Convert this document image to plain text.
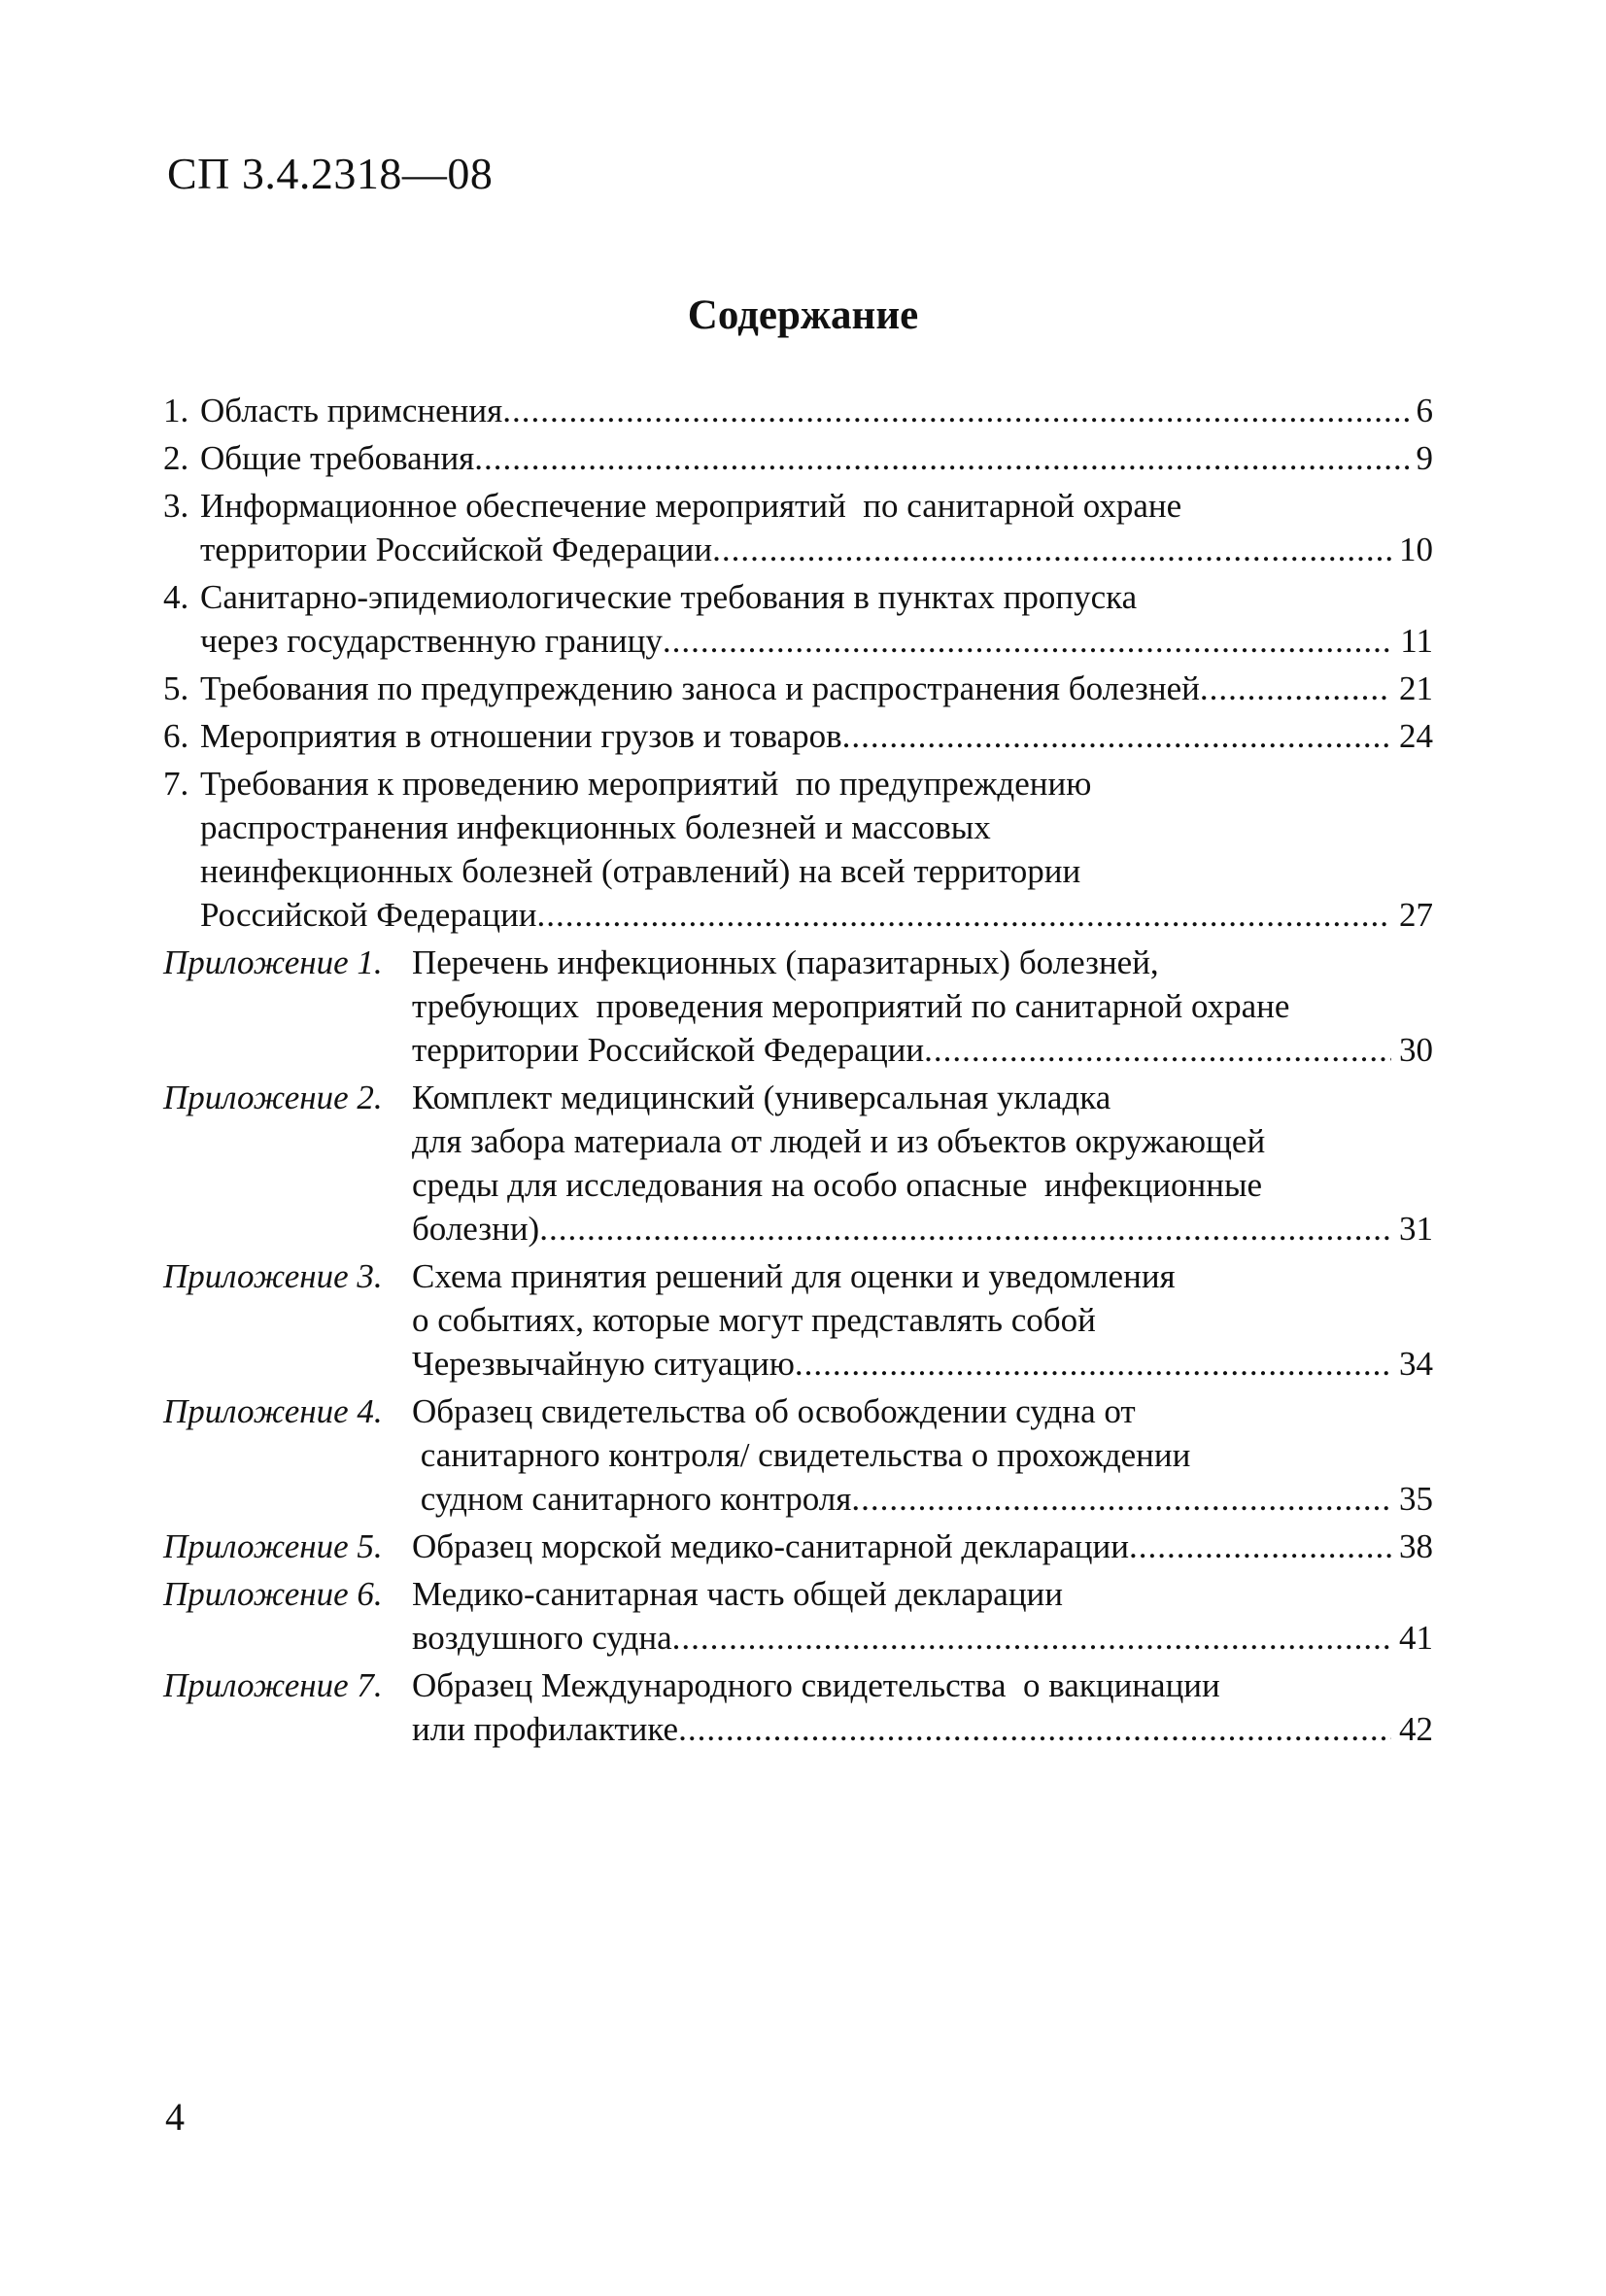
СП 3.4.2318—08
Содержание
1. Область примснения .....	6
2. Общие требования .....	9
3. Информационное обеспечение мероприятий  по санитарной охране
территории Российской Федерации .....	10
4. Санитарно-эпидемиологические требования в пунктах пропуска
через государственную границу .....	11
5. Требования по предупреждению заноса и распространения болезней .....	21
6. Мероприятия в отношении грузов и товаров .....	24
7. Требования к проведению мероприятий  по предупреждению
распространения инфекционных болезней и массовых
неинфекционных болезней (отравлений) на всей территории
Российской Федерации .....	27
Приложение 1. Перечень инфекционных (паразитарных) болезней,
требующих  проведения мероприятий по санитарной охране
территории Российской Федерации .....	30
Приложение 2. Комплект медицинский (универсальная укладка
для забора материала от людей и из объектов окружающей
среды для исследования на особо опасные  инфекционные
болезни) .....	31
Приложение 3. Схема принятия решений для оценки и уведомления
о событиях, которые могут представлять собой
Черезвычайную ситуацию .....	34
Приложение 4. Образец свидетельства об освобождении судна от
санитарного контроля/ свидетельства о прохождении
судном санитарного контроля .....	35
Приложение 5. Образец морской медико-санитарной декларации .....	38
Приложение 6. Медико-санитарная часть общей декларации
воздушного судна .....	41
Приложение 7. Образец Международного свидетельства  о вакцинации
или профилактике .....	42
4
